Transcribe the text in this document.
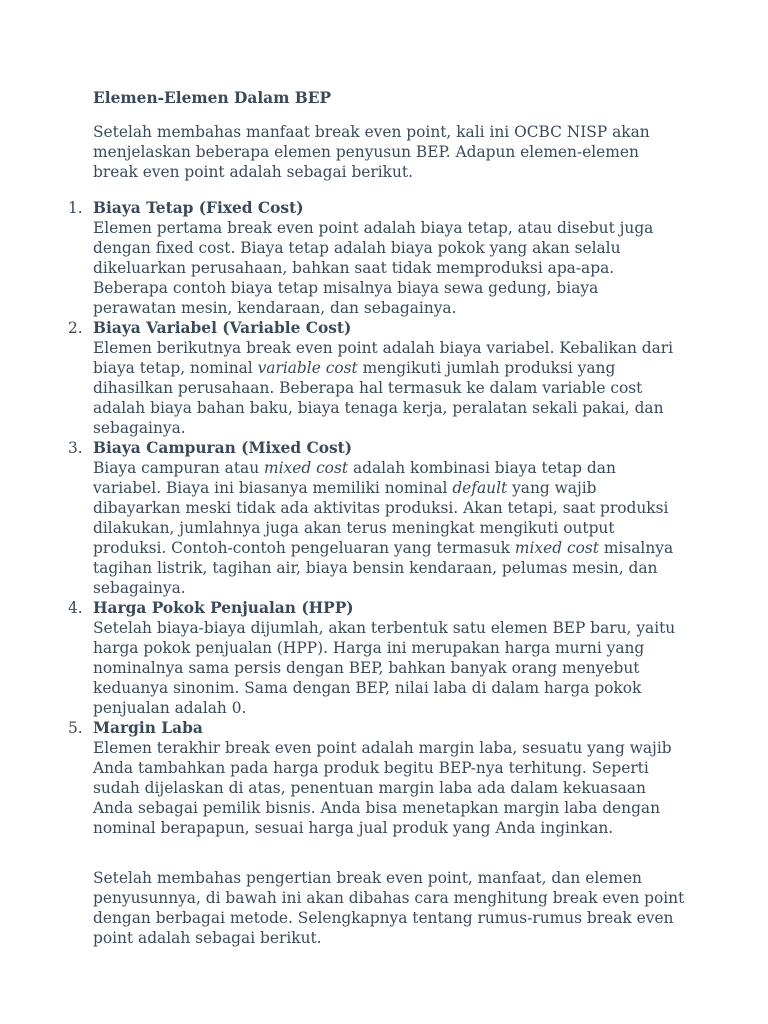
Elemen-Elemen Dalam BEP

Setelah membahas manfaat break even point, kali ini OCBC NISP akan menjelaskan beberapa elemen penyusun BEP. Adapun elemen-elemen break even point adalah sebagai berikut.

1. Biaya Tetap (Fixed Cost)
Elemen pertama break even point adalah biaya tetap, atau disebut juga dengan fixed cost. Biaya tetap adalah biaya pokok yang akan selalu dikeluarkan perusahaan, bahkan saat tidak memproduksi apa-apa. Beberapa contoh biaya tetap misalnya biaya sewa gedung, biaya perawatan mesin, kendaraan, dan sebagainya.
2. Biaya Variabel (Variable Cost)
Elemen berikutnya break even point adalah biaya variabel. Kebalikan dari biaya tetap, nominal variable cost mengikuti jumlah produksi yang dihasilkan perusahaan. Beberapa hal termasuk ke dalam variable cost adalah biaya bahan baku, biaya tenaga kerja, peralatan sekali pakai, dan sebagainya.
3. Biaya Campuran (Mixed Cost)
Biaya campuran atau mixed cost adalah kombinasi biaya tetap dan variabel. Biaya ini biasanya memiliki nominal default yang wajib dibayarkan meski tidak ada aktivitas produksi. Akan tetapi, saat produksi dilakukan, jumlahnya juga akan terus meningkat mengikuti output produksi. Contoh-contoh pengeluaran yang termasuk mixed cost misalnya tagihan listrik, tagihan air, biaya bensin kendaraan, pelumas mesin, dan sebagainya.
4. Harga Pokok Penjualan (HPP)
Setelah biaya-biaya dijumlah, akan terbentuk satu elemen BEP baru, yaitu harga pokok penjualan (HPP). Harga ini merupakan harga murni yang nominalnya sama persis dengan BEP, bahkan banyak orang menyebut keduanya sinonim. Sama dengan BEP, nilai laba di dalam harga pokok penjualan adalah 0.
5. Margin Laba
Elemen terakhir break even point adalah margin laba, sesuatu yang wajib Anda tambahkan pada harga produk begitu BEP-nya terhitung. Seperti sudah dijelaskan di atas, penentuan margin laba ada dalam kekuasaan Anda sebagai pemilik bisnis. Anda bisa menetapkan margin laba dengan nominal berapapun, sesuai harga jual produk yang Anda inginkan.

Setelah membahas pengertian break even point, manfaat, dan elemen penyusunnya, di bawah ini akan dibahas cara menghitung break even point dengan berbagai metode. Selengkapnya tentang rumus-rumus break even point adalah sebagai berikut.
